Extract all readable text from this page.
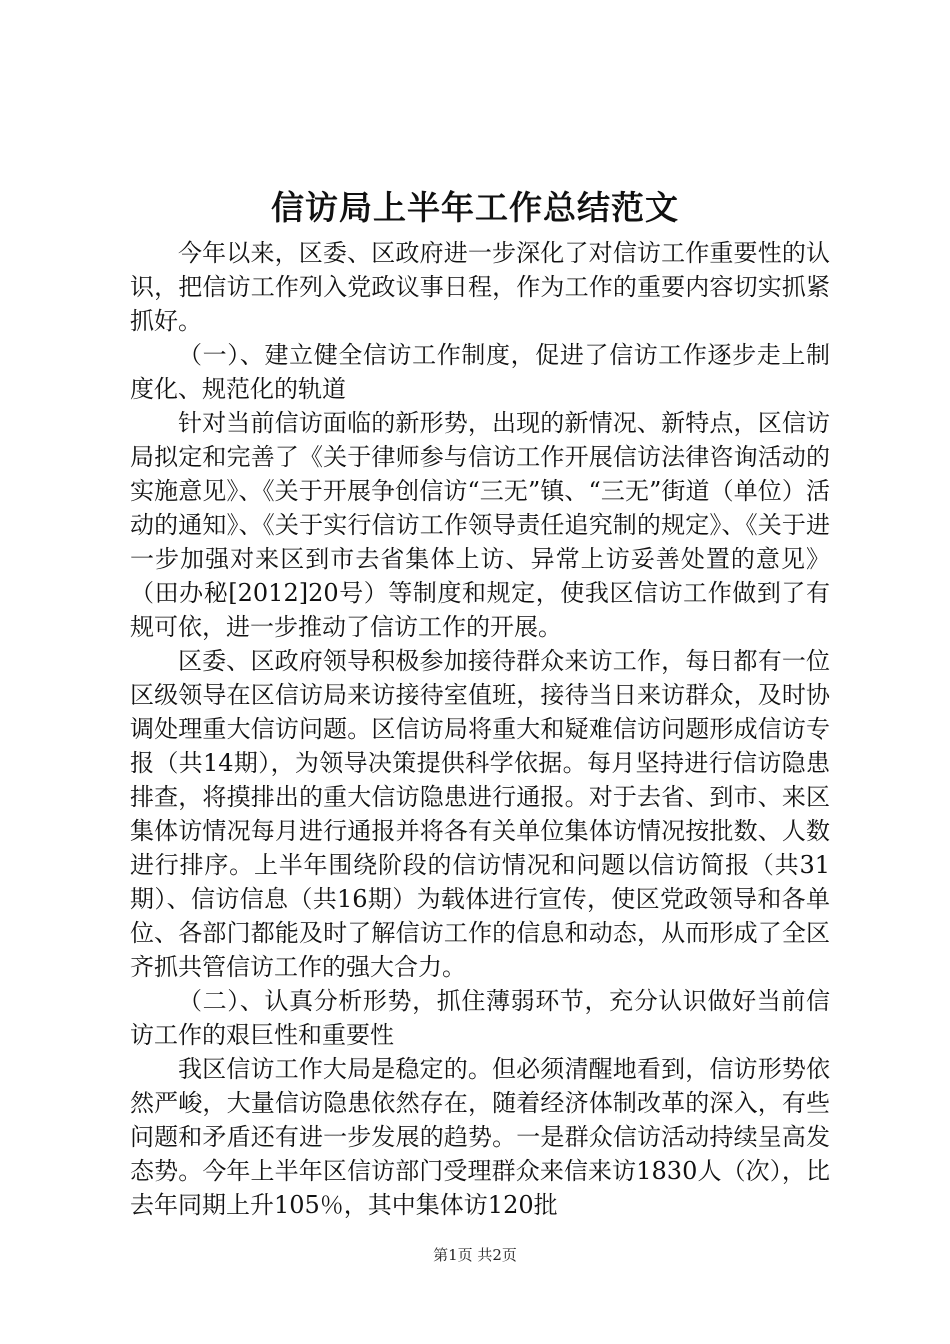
信访局上半年工作总结范文

今年以来，区委、区政府进一步深化了对信访工作重要性的认识，把信访工作列入党政议事日程，作为工作的重要内容切实抓紧抓好。

（一）、建立健全信访工作制度，促进了信访工作逐步走上制度化、规范化的轨道

针对当前信访面临的新形势，出现的新情况、新特点，区信访局拟定和完善了《关于律师参与信访工作开展信访法律咨询活动的实施意见》、《关于开展争创信访“三无”镇、“三无”街道（单位）活动的通知》、《关于实行信访工作领导责任追究制的规定》、《关于进一步加强对来区到市去省集体上访、异常上访妥善处置的意见》（田办秘[2012]20号）等制度和规定，使我区信访工作做到了有规可依，进一步推动了信访工作的开展。

区委、区政府领导积极参加接待群众来访工作，每日都有一位区级领导在区信访局来访接待室值班，接待当日来访群众，及时协调处理重大信访问题。区信访局将重大和疑难信访问题形成信访专报（共14期），为领导决策提供科学依据。每月坚持进行信访隐患排查，将摸排出的重大信访隐患进行通报。对于去省、到市、来区集体访情况每月进行通报并将各有关单位集体访情况按批数、人数进行排序。上半年围绕阶段的信访情况和问题以信访简报（共31期）、信访信息（共16期）为载体进行宣传，使区党政领导和各单位、各部门都能及时了解信访工作的信息和动态，从而形成了全区齐抓共管信访工作的强大合力。

（二）、认真分析形势，抓住薄弱环节，充分认识做好当前信访工作的艰巨性和重要性

我区信访工作大局是稳定的。但必须清醒地看到，信访形势依然严峻，大量信访隐患依然存在，随着经济体制改革的深入，有些问题和矛盾还有进一步发展的趋势。一是群众信访活动持续呈高发态势。今年上半年区信访部门受理群众来信来访1830人（次），比去年同期上升105％，其中集体访120批

第1页 共2页
